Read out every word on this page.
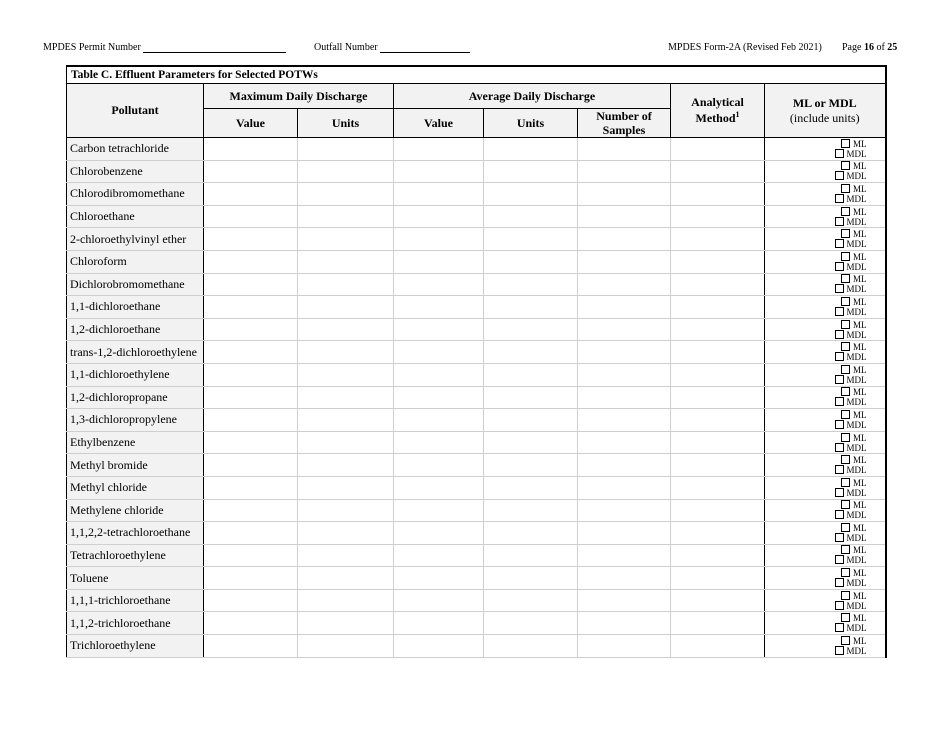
MPDES Permit Number	Outfall Number	MPDES Form-2A (Revised Feb 2021) Page 16 of 25
Table C. Effluent Parameters for Selected POTWs							
Pollutant	Maximum Daily Discharge		Average Daily Discharge			Analytical Method$^1$	ML or MDL
(include units)

	Value	Units	Value	Units	Number of Samples		
Carbon tetrachloride							ML
MDL

Chlorobenzene							ML
MDL

Chlorodibromomethane							ML
MDL

Chloroethane							ML
MDL

2-chloroethylvinyl ether							ML
MDL

Chloroform							ML
MDL

Dichlorobromomethane							ML
MDL

1,1-dichloroethane							ML
MDL

1,2-dichloroethane							ML
MDL

trans-1,2-dichloroethylene							ML
MDL

1,1-dichloroethylene							ML
MDL

1,2-dichloropropane							ML
MDL

1,3-dichloropropylene							ML
MDL

Ethylbenzene							ML
MDL

Methyl bromide							ML
MDL

Methyl chloride							ML
MDL

Methylene chloride							ML
MDL

1,1,2,2-tetrachloroethane							ML
MDL

Tetrachloroethylene							ML
MDL

Toluene							ML
MDL

1,1,1-trichloroethane							ML
MDL

1,1,2-trichloroethane							ML
MDL

Trichloroethylene							ML
MDL
